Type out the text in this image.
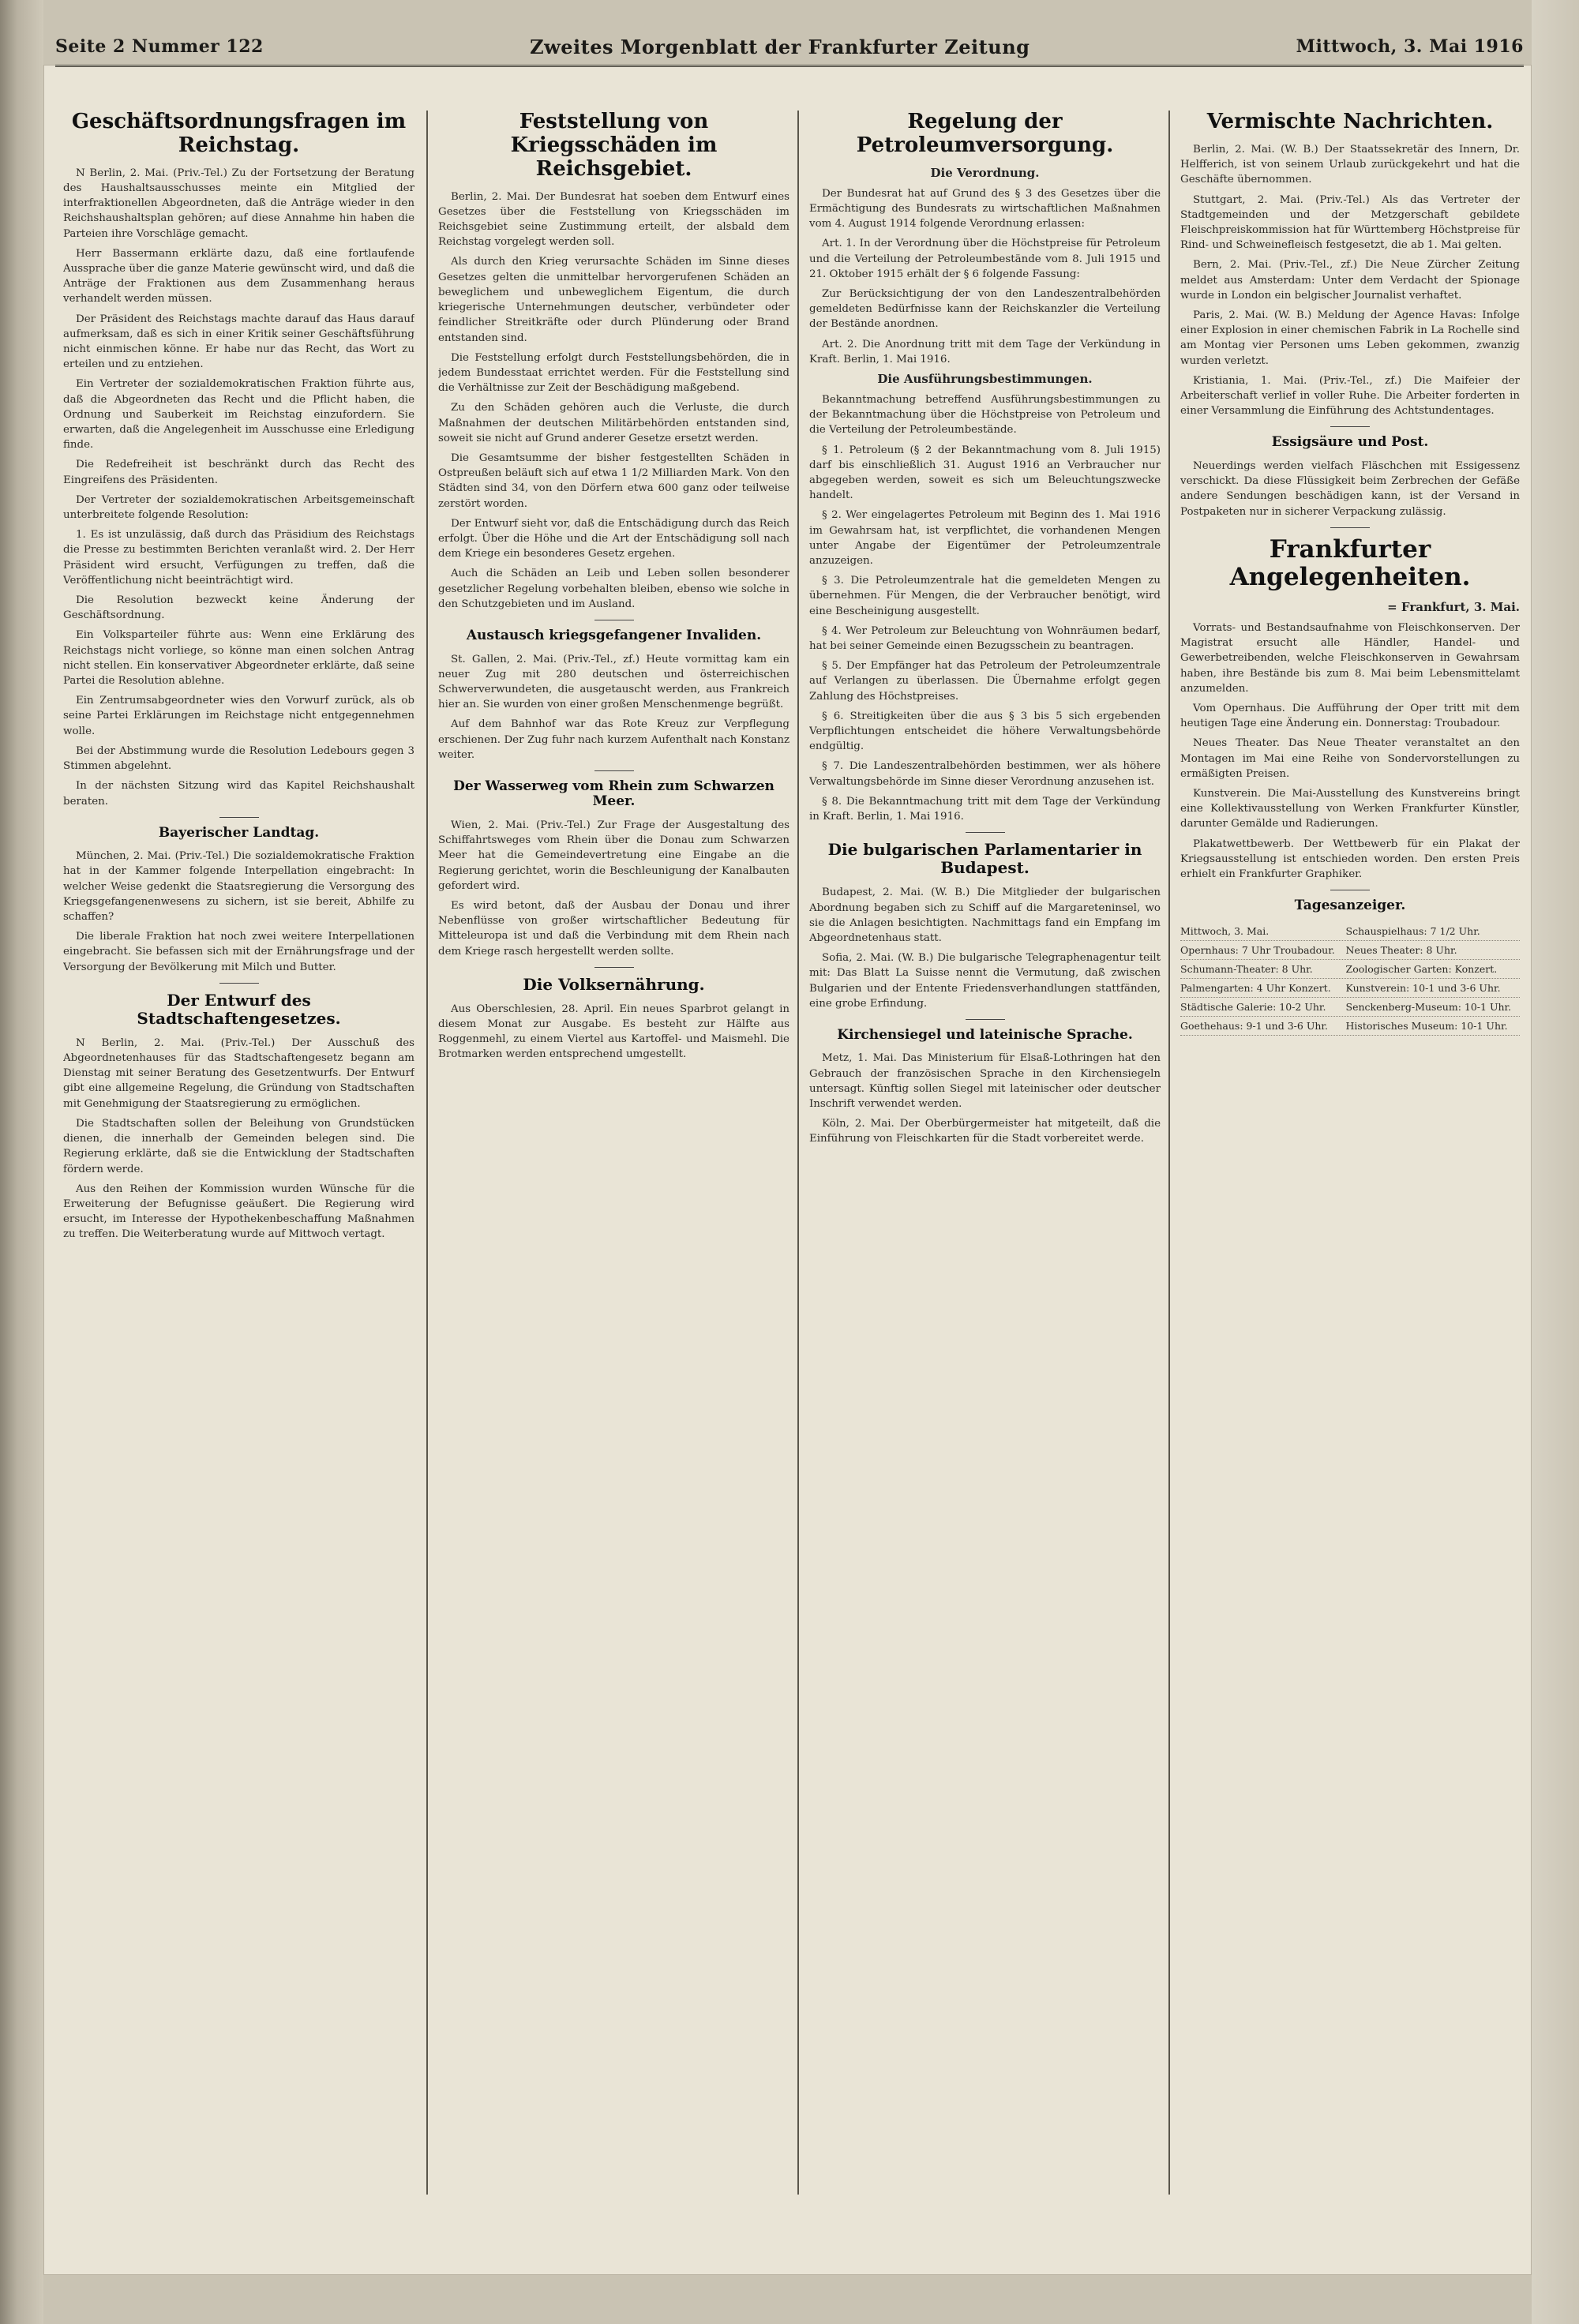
Seite 2 Nummer 122	Zweites Morgenblatt der Frankfurter Zeitung	Mittwoch, 3. Mai 1916
Geschäftsordnungsfragen im Reichstag.

N Berlin, 2. Mai. (Priv.-Tel.) Zu der Fortsetzung der Beratung des Haushaltsausschusses meinte ein Mitglied der interfraktionellen Abgeordneten, daß die Anträge wieder in den Reichshaushaltsplan gehören; auf diese Annahme hin haben die Parteien ihre Vorschläge gemacht.

Herr Bassermann erklärte dazu, daß eine fortlaufende Aussprache über die ganze Materie gewünscht wird, und daß die Anträge der Fraktionen aus dem Zusammenhang heraus verhandelt werden müssen.

Der Präsident des Reichstags machte darauf das Haus darauf aufmerksam, daß es sich in einer Kritik seiner Geschäftsführung nicht einmischen könne. Er habe nur das Recht, das Wort zu erteilen und zu entziehen.

Ein Vertreter der sozialdemokratischen Fraktion führte aus, daß die Abgeordneten das Recht und die Pflicht haben, die Ordnung und Sauberkeit im Reichstag einzufordern. Sie erwarten, daß die Angelegenheit im Ausschusse eine Erledigung finde.

Die Redefreiheit ist beschränkt durch das Recht des Eingreifens des Präsidenten.

Der Vertreter der sozialdemokratischen Arbeitsgemeinschaft unterbreitete folgende Resolution:

1. Es ist unzulässig, daß durch das Präsidium des Reichstags die Presse zu bestimmten Berichten veranlaßt wird. 2. Der Herr Präsident wird ersucht, Verfügungen zu treffen, daß die Veröffentlichung nicht beeinträchtigt wird.

Die Resolution bezweckt keine Änderung der Geschäftsordnung.

Ein Volksparteiler führte aus: Wenn eine Erklärung des Reichstags nicht vorliege, so könne man einen solchen Antrag nicht stellen. Ein konservativer Abgeordneter erklärte, daß seine Partei die Resolution ablehne.

Ein Zentrumsabgeordneter wies den Vorwurf zurück, als ob seine Partei Erklärungen im Reichstage nicht entgegennehmen wolle.

Bei der Abstimmung wurde die Resolution Ledebours gegen 3 Stimmen abgelehnt.

In der nächsten Sitzung wird das Kapitel Reichshaushalt beraten.

Bayerischer Landtag.

München, 2. Mai. (Priv.-Tel.) Die sozialdemokratische Fraktion hat in der Kammer folgende Interpellation eingebracht: In welcher Weise gedenkt die Staatsregierung die Versorgung des Kriegsgefangenenwesens zu sichern, ist sie bereit, Abhilfe zu schaffen?

Die liberale Fraktion hat noch zwei weitere Interpellationen eingebracht. Sie befassen sich mit der Ernährungsfrage und der Versorgung der Bevölkerung mit Milch und Butter.

Der Entwurf des Stadtschaftengesetzes.

N Berlin, 2. Mai. (Priv.-Tel.) Der Ausschuß des Abgeordnetenhauses für das Stadtschaftengesetz begann am Dienstag mit seiner Beratung des Gesetzentwurfs. Der Entwurf gibt eine allgemeine Regelung, die Gründung von Stadtschaften mit Genehmigung der Staatsregierung zu ermöglichen.

Die Stadtschaften sollen der Beleihung von Grundstücken dienen, die innerhalb der Gemeinden belegen sind. Die Regierung erklärte, daß sie die Entwicklung der Stadtschaften fördern werde.

Aus den Reihen der Kommission wurden Wünsche für die Erweiterung der Befugnisse geäußert. Die Regierung wird ersucht, im Interesse der Hypothekenbeschaffung Maßnahmen zu treffen. Die Weiterberatung wurde auf Mittwoch vertagt.

Feststellung von Kriegsschäden im Reichsgebiet.

Berlin, 2. Mai. Der Bundesrat hat soeben dem Entwurf eines Gesetzes über die Feststellung von Kriegsschäden im Reichsgebiet seine Zustimmung erteilt, der alsbald dem Reichstag vorgelegt werden soll.

Als durch den Krieg verursachte Schäden im Sinne dieses Gesetzes gelten die unmittelbar hervorgerufenen Schäden an beweglichem und unbeweglichem Eigentum, die durch kriegerische Unternehmungen deutscher, verbündeter oder feindlicher Streitkräfte oder durch Plünderung oder Brand entstanden sind.

Die Feststellung erfolgt durch Feststellungsbehörden, die in jedem Bundesstaat errichtet werden. Für die Feststellung sind die Verhältnisse zur Zeit der Beschädigung maßgebend.

Zu den Schäden gehören auch die Verluste, die durch Maßnahmen der deutschen Militärbehörden entstanden sind, soweit sie nicht auf Grund anderer Gesetze ersetzt werden.

Die Gesamtsumme der bisher festgestellten Schäden in Ostpreußen beläuft sich auf etwa 1 1/2 Milliarden Mark. Von den Städten sind 34, von den Dörfern etwa 600 ganz oder teilweise zerstört worden.

Der Entwurf sieht vor, daß die Entschädigung durch das Reich erfolgt. Über die Höhe und die Art der Entschädigung soll nach dem Kriege ein besonderes Gesetz ergehen.

Auch die Schäden an Leib und Leben sollen besonderer gesetzlicher Regelung vorbehalten bleiben, ebenso wie solche in den Schutzgebieten und im Ausland.

Austausch kriegsgefangener Invaliden.

St. Gallen, 2. Mai. (Priv.-Tel., zf.) Heute vormittag kam ein neuer Zug mit 280 deutschen und österreichischen Schwerverwundeten, die ausgetauscht werden, aus Frankreich hier an. Sie wurden von einer großen Menschenmenge begrüßt.

Auf dem Bahnhof war das Rote Kreuz zur Verpflegung erschienen. Der Zug fuhr nach kurzem Aufenthalt nach Konstanz weiter.

Der Wasserweg vom Rhein zum Schwarzen Meer.

Wien, 2. Mai. (Priv.-Tel.) Zur Frage der Ausgestaltung des Schiffahrtsweges vom Rhein über die Donau zum Schwarzen Meer hat die Gemeindevertretung eine Eingabe an die Regierung gerichtet, worin die Beschleunigung der Kanalbauten gefordert wird.

Es wird betont, daß der Ausbau der Donau und ihrer Nebenflüsse von großer wirtschaftlicher Bedeutung für Mitteleuropa ist und daß die Verbindung mit dem Rhein nach dem Kriege rasch hergestellt werden sollte.

Die Volksernährung.

Aus Oberschlesien, 28. April. Ein neues Sparbrot gelangt in diesem Monat zur Ausgabe. Es besteht zur Hälfte aus Roggenmehl, zu einem Viertel aus Kartoffel- und Maismehl. Die Brotmarken werden entsprechend umgestellt.

Regelung der Petroleumversorgung.
Die Verordnung.

Der Bundesrat hat auf Grund des § 3 des Gesetzes über die Ermächtigung des Bundesrats zu wirtschaftlichen Maßnahmen vom 4. August 1914 folgende Verordnung erlassen:

Art. 1. In der Verordnung über die Höchstpreise für Petroleum und die Verteilung der Petroleumbestände vom 8. Juli 1915 und 21. Oktober 1915 erhält der § 6 folgende Fassung:

Zur Berücksichtigung der von den Landeszentralbehörden gemeldeten Bedürfnisse kann der Reichskanzler die Verteilung der Bestände anordnen.

Art. 2. Die Anordnung tritt mit dem Tage der Verkündung in Kraft. Berlin, 1. Mai 1916.

Die Ausführungsbestimmungen.

Bekanntmachung betreffend Ausführungsbestimmungen zu der Bekanntmachung über die Höchstpreise von Petroleum und die Verteilung der Petroleumbestände.

§ 1. Petroleum (§ 2 der Bekanntmachung vom 8. Juli 1915) darf bis einschließlich 31. August 1916 an Verbraucher nur abgegeben werden, soweit es sich um Beleuchtungszwecke handelt.

§ 2. Wer eingelagertes Petroleum mit Beginn des 1. Mai 1916 im Gewahrsam hat, ist verpflichtet, die vorhandenen Mengen unter Angabe der Eigentümer der Petroleumzentrale anzuzeigen.

§ 3. Die Petroleumzentrale hat die gemeldeten Mengen zu übernehmen. Für Mengen, die der Verbraucher benötigt, wird eine Bescheinigung ausgestellt.

§ 4. Wer Petroleum zur Beleuchtung von Wohnräumen bedarf, hat bei seiner Gemeinde einen Bezugsschein zu beantragen.

§ 5. Der Empfänger hat das Petroleum der Petroleumzentrale auf Verlangen zu überlassen. Die Übernahme erfolgt gegen Zahlung des Höchstpreises.

§ 6. Streitigkeiten über die aus § 3 bis 5 sich ergebenden Verpflichtungen entscheidet die höhere Verwaltungsbehörde endgültig.

§ 7. Die Landeszentralbehörden bestimmen, wer als höhere Verwaltungsbehörde im Sinne dieser Verordnung anzusehen ist.

§ 8. Die Bekanntmachung tritt mit dem Tage der Verkündung in Kraft. Berlin, 1. Mai 1916.

Die bulgarischen Parlamentarier in Budapest.

Budapest, 2. Mai. (W. B.) Die Mitglieder der bulgarischen Abordnung begaben sich zu Schiff auf die Margareteninsel, wo sie die Anlagen besichtigten. Nachmittags fand ein Empfang im Abgeordnetenhaus statt.

Sofia, 2. Mai. (W. B.) Die bulgarische Telegraphenagentur teilt mit: Das Blatt La Suisse nennt die Vermutung, daß zwischen Bulgarien und der Entente Friedensverhandlungen stattfänden, eine grobe Erfindung.

Kirchensiegel und lateinische Sprache.

Metz, 1. Mai. Das Ministerium für Elsaß-Lothringen hat den Gebrauch der französischen Sprache in den Kirchensiegeln untersagt. Künftig sollen Siegel mit lateinischer oder deutscher Inschrift verwendet werden.

Köln, 2. Mai. Der Oberbürgermeister hat mitgeteilt, daß die Einführung von Fleischkarten für die Stadt vorbereitet werde.

Vermischte Nachrichten.

Berlin, 2. Mai. (W. B.) Der Staatssekretär des Innern, Dr. Helfferich, ist von seinem Urlaub zurückgekehrt und hat die Geschäfte übernommen.

Stuttgart, 2. Mai. (Priv.-Tel.) Als das Vertreter der Stadtgemeinden und der Metzgerschaft gebildete Fleischpreiskommission hat für Württemberg Höchstpreise für Rind- und Schweinefleisch festgesetzt, die ab 1. Mai gelten.

Bern, 2. Mai. (Priv.-Tel., zf.) Die Neue Zürcher Zeitung meldet aus Amsterdam: Unter dem Verdacht der Spionage wurde in London ein belgischer Journalist verhaftet.

Paris, 2. Mai. (W. B.) Meldung der Agence Havas: Infolge einer Explosion in einer chemischen Fabrik in La Rochelle sind am Montag vier Personen ums Leben gekommen, zwanzig wurden verletzt.

Kristiania, 1. Mai. (Priv.-Tel., zf.) Die Maifeier der Arbeiterschaft verlief in voller Ruhe. Die Arbeiter forderten in einer Versammlung die Einführung des Achtstundentages.

Essigsäure und Post.

Neuerdings werden vielfach Fläschchen mit Essigessenz verschickt. Da diese Flüssigkeit beim Zerbrechen der Gefäße andere Sendungen beschädigen kann, ist der Versand in Postpaketen nur in sicherer Verpackung zulässig.

Frankfurter Angelegenheiten.
= Frankfurt, 3. Mai.

Vorrats- und Bestandsaufnahme von Fleischkonserven. Der Magistrat ersucht alle Händler, Handel- und Gewerbetreibenden, welche Fleischkonserven in Gewahrsam haben, ihre Bestände bis zum 8. Mai beim Lebensmittelamt anzumelden.

Vom Opernhaus. Die Aufführung der Oper tritt mit dem heutigen Tage eine Änderung ein. Donnerstag: Troubadour.

Neues Theater. Das Neue Theater veranstaltet an den Montagen im Mai eine Reihe von Sondervorstellungen zu ermäßigten Preisen.

Kunstverein. Die Mai-Ausstellung des Kunstvereins bringt eine Kollektivausstellung von Werken Frankfurter Künstler, darunter Gemälde und Radierungen.

Plakatwettbewerb. Der Wettbewerb für ein Plakat der Kriegsausstellung ist entschieden worden. Den ersten Preis erhielt ein Frankfurter Graphiker.

Tagesanzeiger.
Mittwoch, 3. Mai.	Schauspielhaus: 7 1/2 Uhr.
Opernhaus: 7 Uhr Troubadour.	Neues Theater: 8 Uhr.
Schumann-Theater: 8 Uhr.	Zoologischer Garten: Konzert.
Palmengarten: 4 Uhr Konzert.	Kunstverein: 10-1 und 3-6 Uhr.
Städtische Galerie: 10-2 Uhr.	Senckenberg-Museum: 10-1 Uhr.
Goethehaus: 9-1 und 3-6 Uhr.	Historisches Museum: 10-1 Uhr.
